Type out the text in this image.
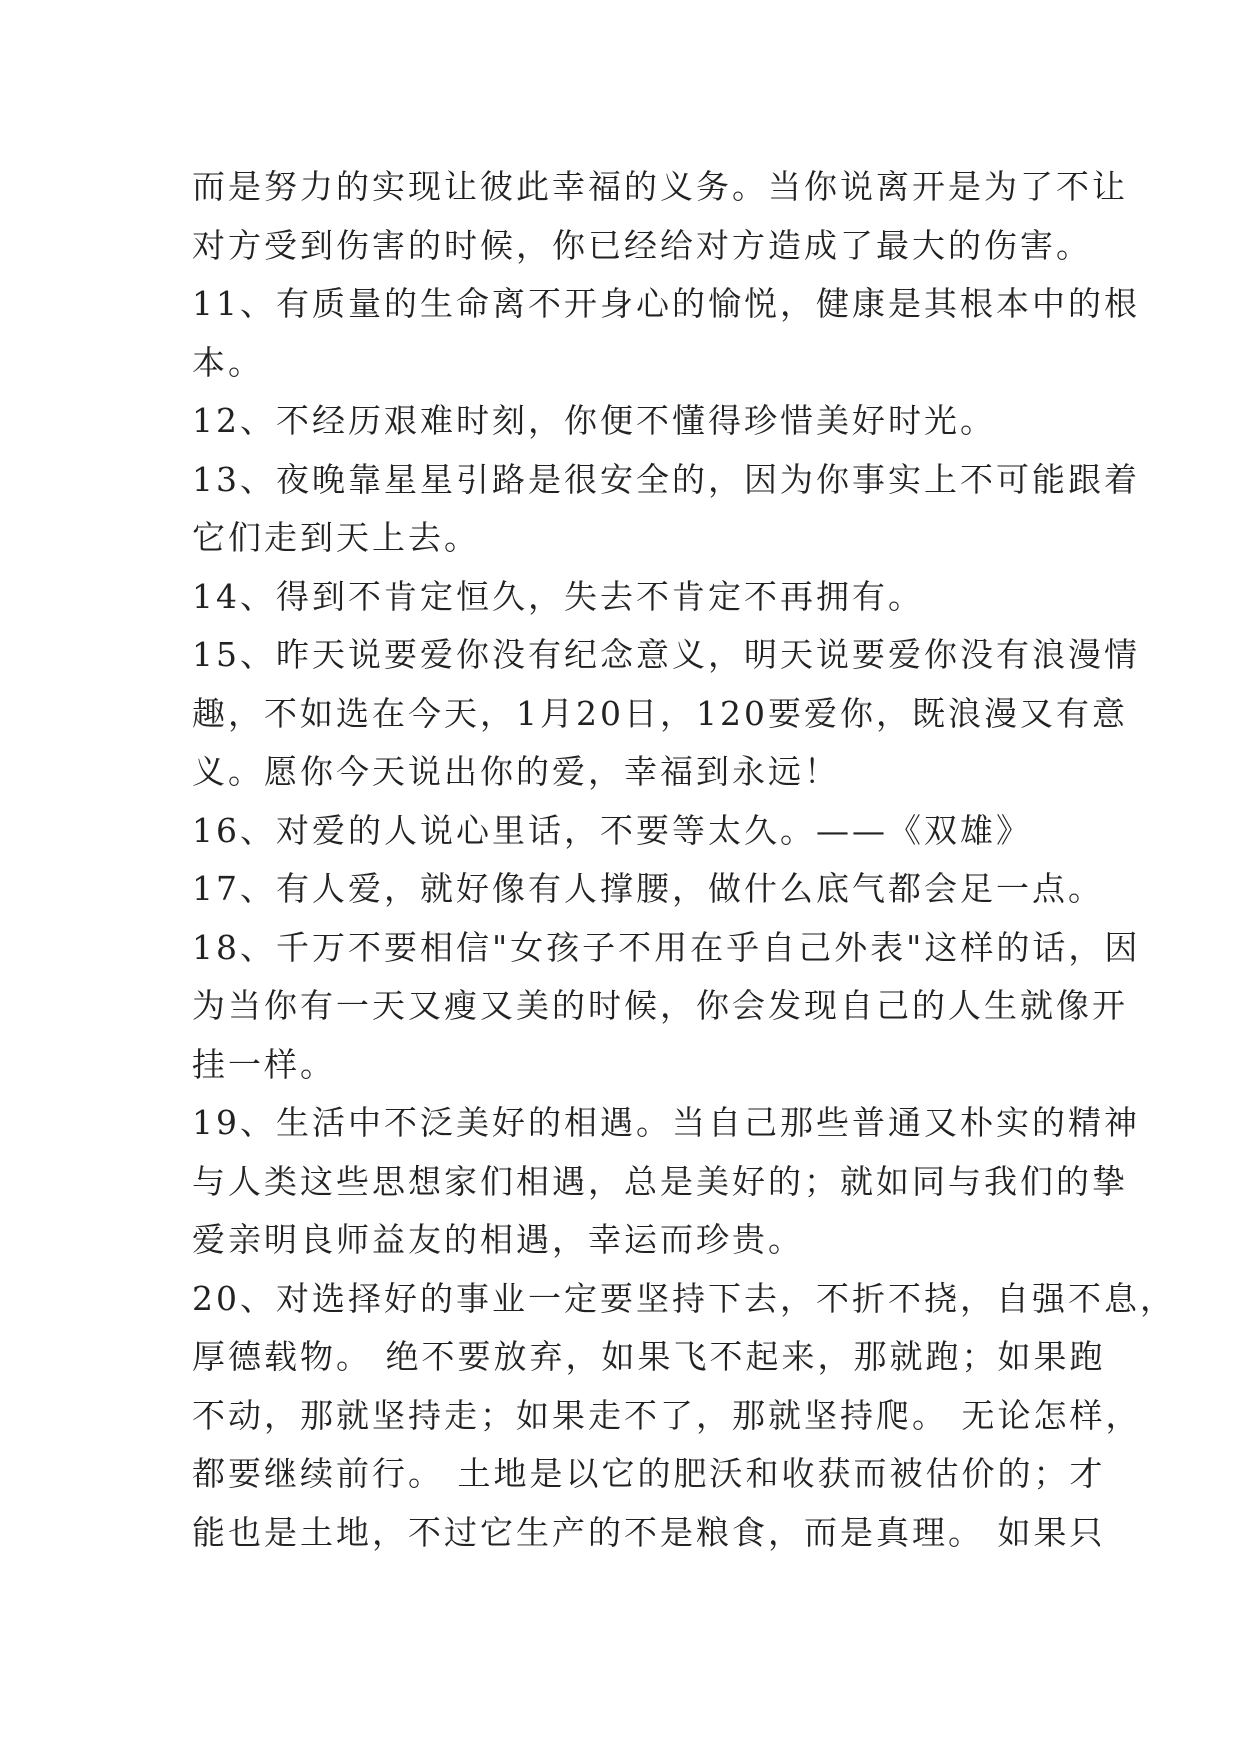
而是努力的实现让彼此幸福的义务。当你说离开是为了不让
对方受到伤害的时候，你已经给对方造成了最大的伤害。
11、有质量的生命离不开身心的愉悦，健康是其根本中的根
本。
12、不经历艰难时刻，你便不懂得珍惜美好时光。
13、夜晚靠星星引路是很安全的，因为你事实上不可能跟着
它们走到天上去。
14、得到不肯定恒久，失去不肯定不再拥有。
15、昨天说要爱你没有纪念意义，明天说要爱你没有浪漫情
趣，不如选在今天，1月20日，120要爱你，既浪漫又有意
义。愿你今天说出你的爱，幸福到永远！
16、对爱的人说心里话，不要等太久。——《双雄》
17、有人爱，就好像有人撑腰，做什么底气都会足一点。
18、千万不要相信"女孩子不用在乎自己外表"这样的话，因
为当你有一天又瘦又美的时候，你会发现自己的人生就像开
挂一样。
19、生活中不泛美好的相遇。当自己那些普通又朴实的精神
与人类这些思想家们相遇，总是美好的；就如同与我们的挚
爱亲明良师益友的相遇，幸运而珍贵。
20、对选择好的事业一定要坚持下去，不折不挠，自强不息，
厚德载物。 绝不要放弃，如果飞不起来，那就跑；如果跑
不动，那就坚持走；如果走不了，那就坚持爬。 无论怎样，
都要继续前行。 土地是以它的肥沃和收获而被估价的；才
能也是土地，不过它生产的不是粮食，而是真理。 如果只
